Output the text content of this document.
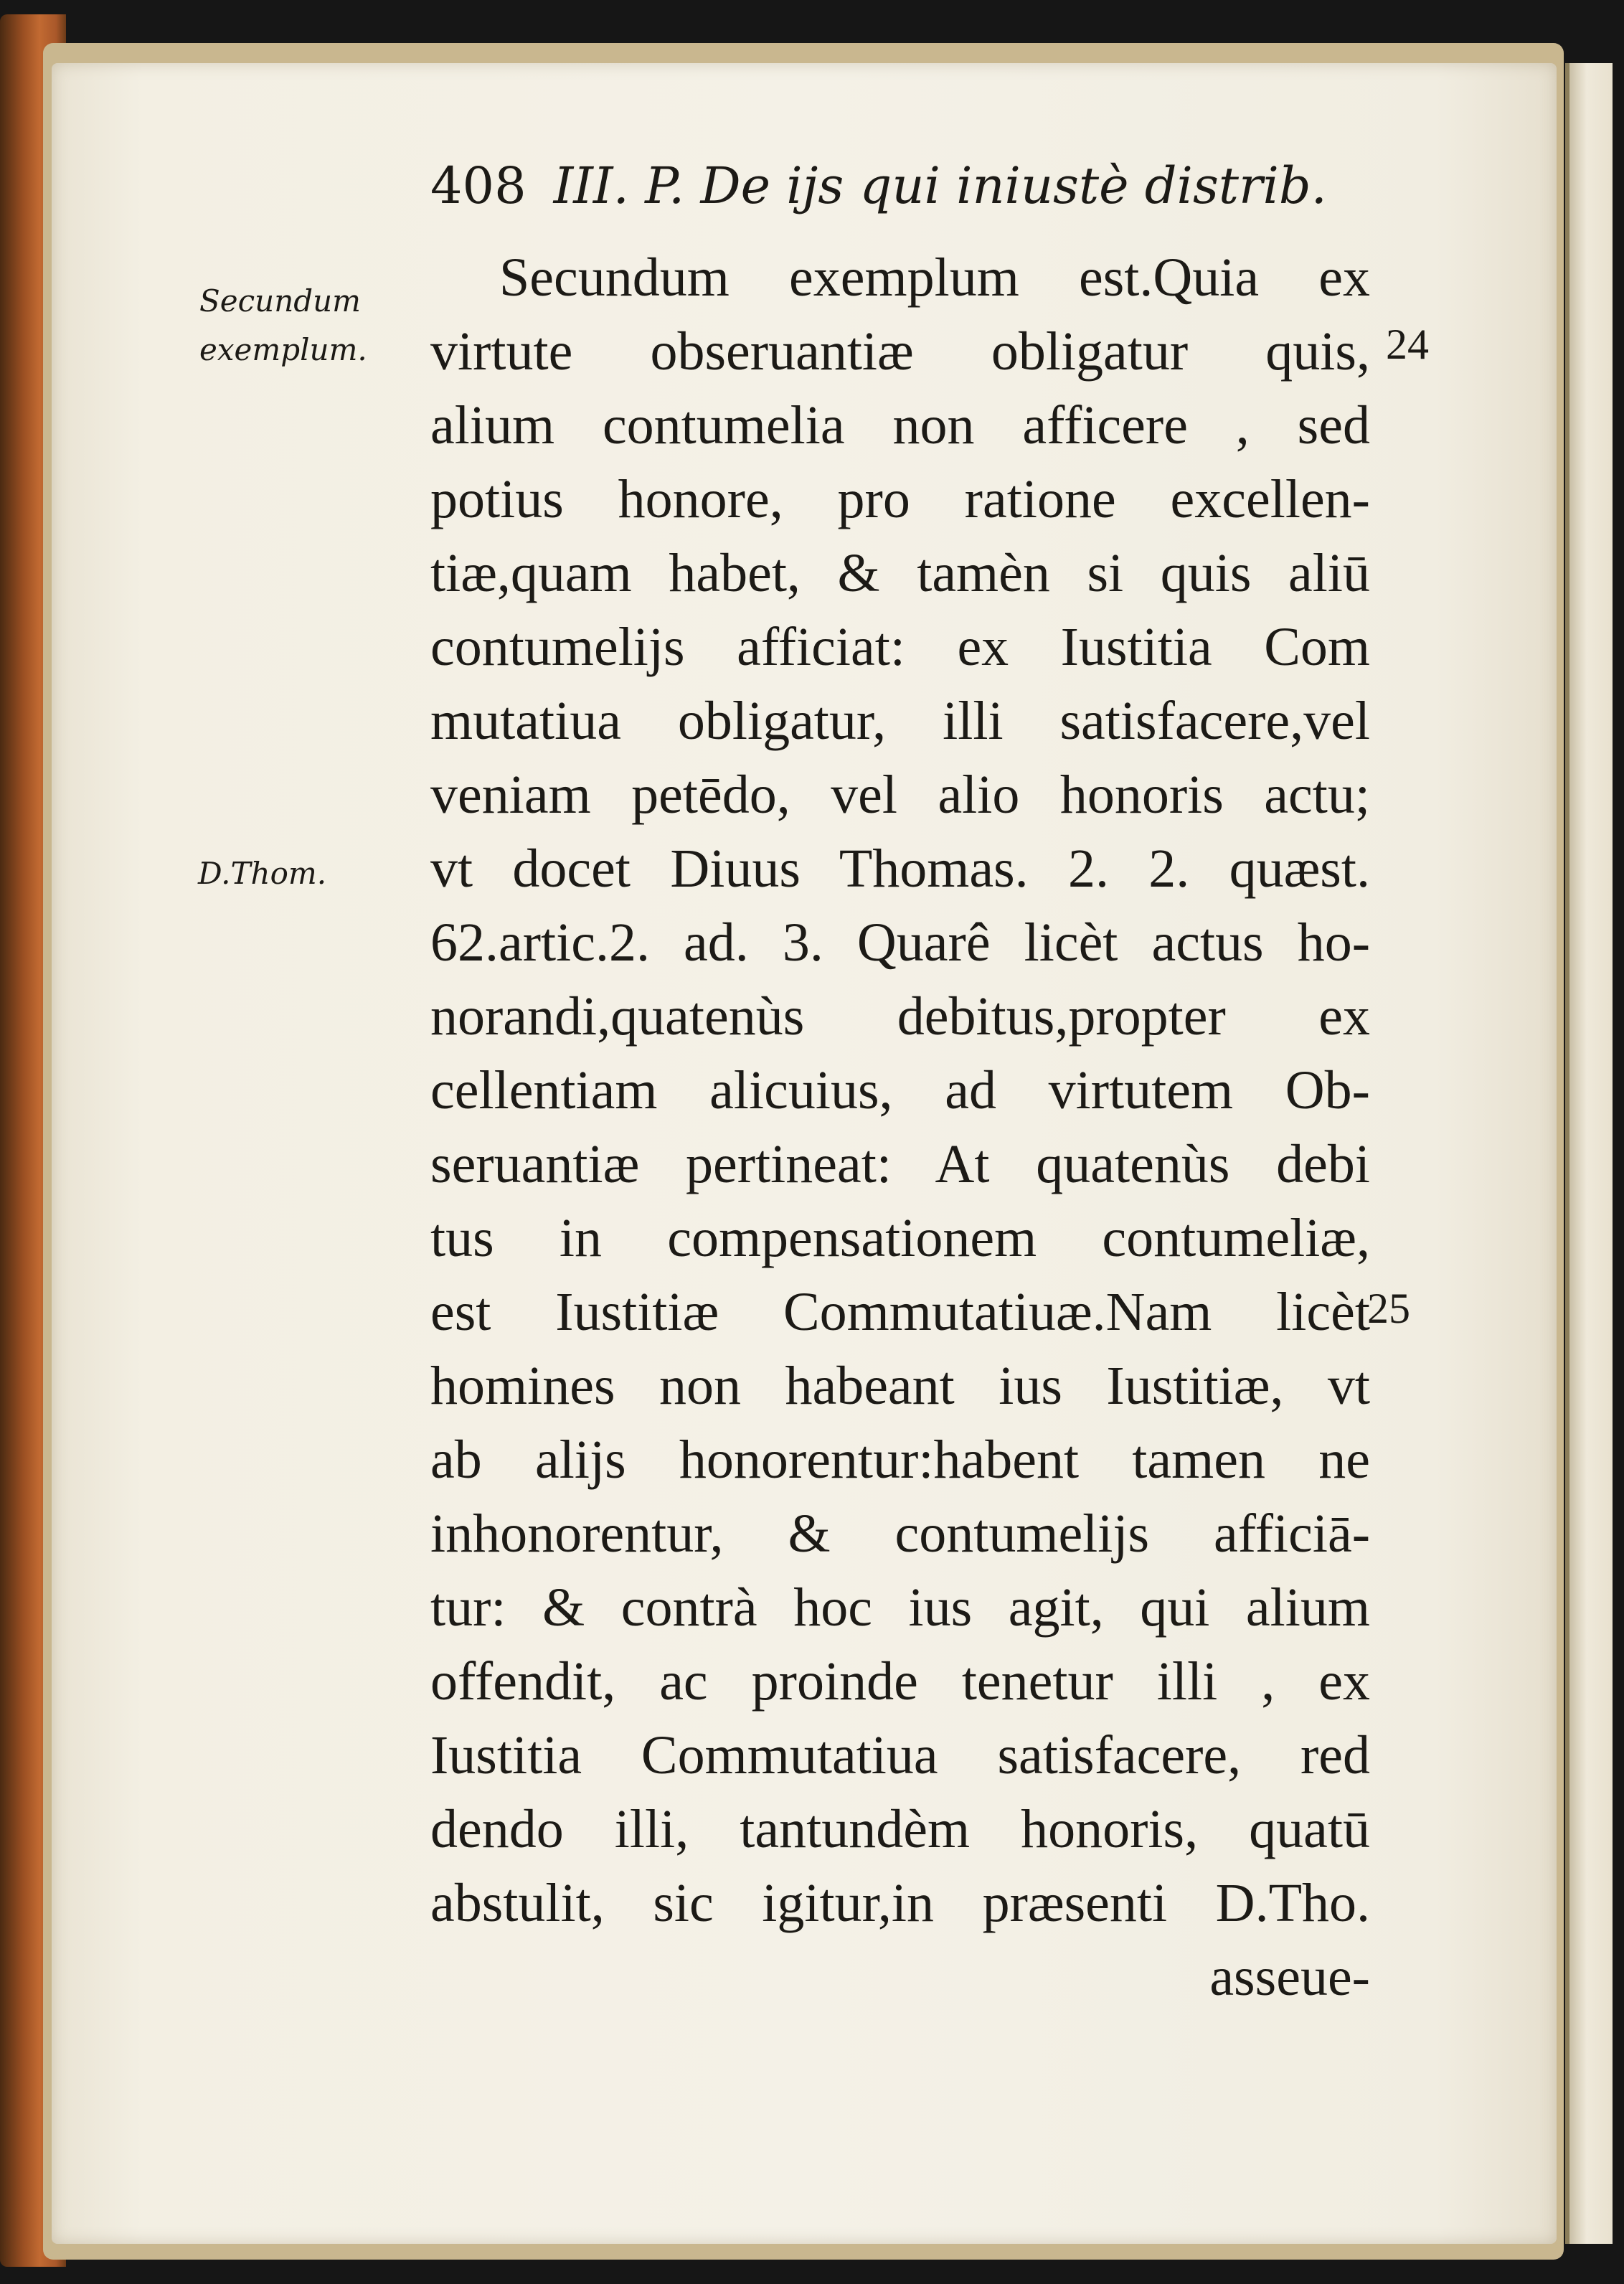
408 III. P. De ijs qui iniustè distrib.
Secundum
exemplum.
D.Thom.
24
25
Secundum exemplum est.Quia ex
virtute obseruantiæ obligatur quis,
alium contumelia non afficere , sed
potius honore, pro ratione excellen-
tiæ,quam habet, & tamèn si quis aliū
contumelijs afficiat: ex Iustitia Com
mutatiua obligatur, illi satisfacere,vel
veniam petēdo, vel alio honoris actu;
vt docet Diuus Thomas. 2. 2. quæst.
62.artic.2. ad. 3. Quarê licèt actus ho-
norandi,quatenùs debitus,propter ex
cellentiam alicuius, ad virtutem Ob-
seruantiæ pertineat: At quatenùs debi
tus in compensationem contumeliæ,
est Iustitiæ Commutatiuæ.Nam licèt
homines non habeant ius Iustitiæ, vt
ab alijs honorentur:habent tamen ne
inhonorentur, & contumelijs afficiā-
tur: & contrà hoc ius agit, qui alium
offendit, ac proinde tenetur illi , ex
Iustitia Commutatiua satisfacere, red
dendo illi, tantundèm honoris, quatū
abstulit, sic igitur,in præsenti D.Tho.
asseue-
